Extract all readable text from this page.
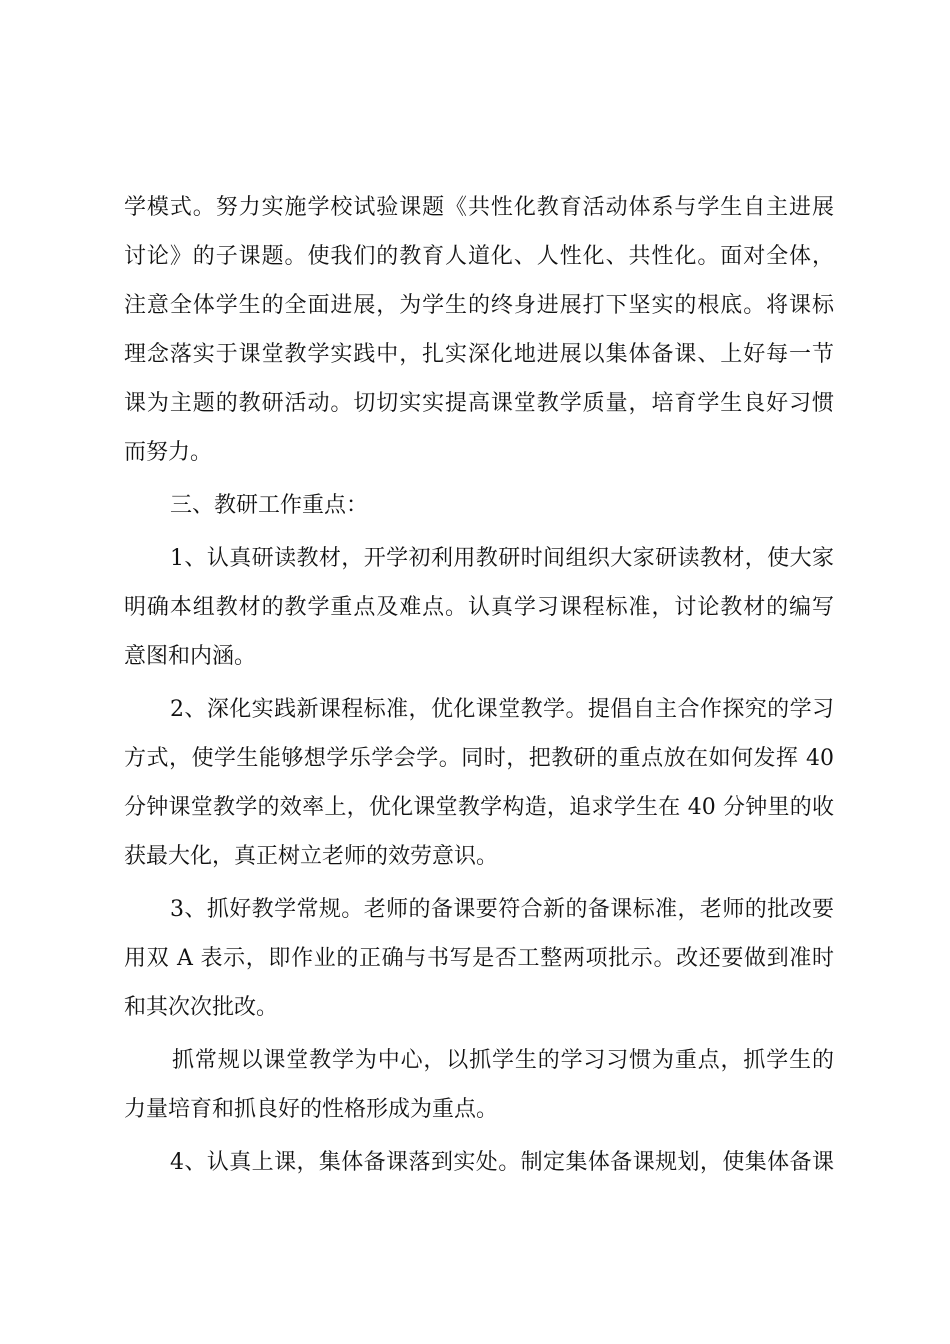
学模式。努力实施学校试验课题《共性化教育活动体系与学生自主进展
讨论》的子课题。使我们的教育人道化、人性化、共性化。面对全体，
注意全体学生的全面进展，为学生的终身进展打下坚实的根底。将课标
理念落实于课堂教学实践中，扎实深化地进展以集体备课、上好每一节
课为主题的教研活动。切切实实提高课堂教学质量，培育学生良好习惯
而努力。
三、教研工作重点：
1、认真研读教材，开学初利用教研时间组织大家研读教材，使大家
明确本组教材的教学重点及难点。认真学习课程标准，讨论教材的编写
意图和内涵。
2、深化实践新课程标准，优化课堂教学。提倡自主合作探究的学习
方式，使学生能够想学乐学会学。同时，把教研的重点放在如何发挥 40
分钟课堂教学的效率上，优化课堂教学构造，追求学生在 40 分钟里的收
获最大化，真正树立老师的效劳意识。
3、抓好教学常规。老师的备课要符合新的备课标准，老师的批改要
用双 A 表示，即作业的正确与书写是否工整两项批示。改还要做到准时
和其次次批改。
抓常规以课堂教学为中心，以抓学生的学习习惯为重点，抓学生的
力量培育和抓良好的性格形成为重点。
4、认真上课，集体备课落到实处。制定集体备课规划，使集体备课
